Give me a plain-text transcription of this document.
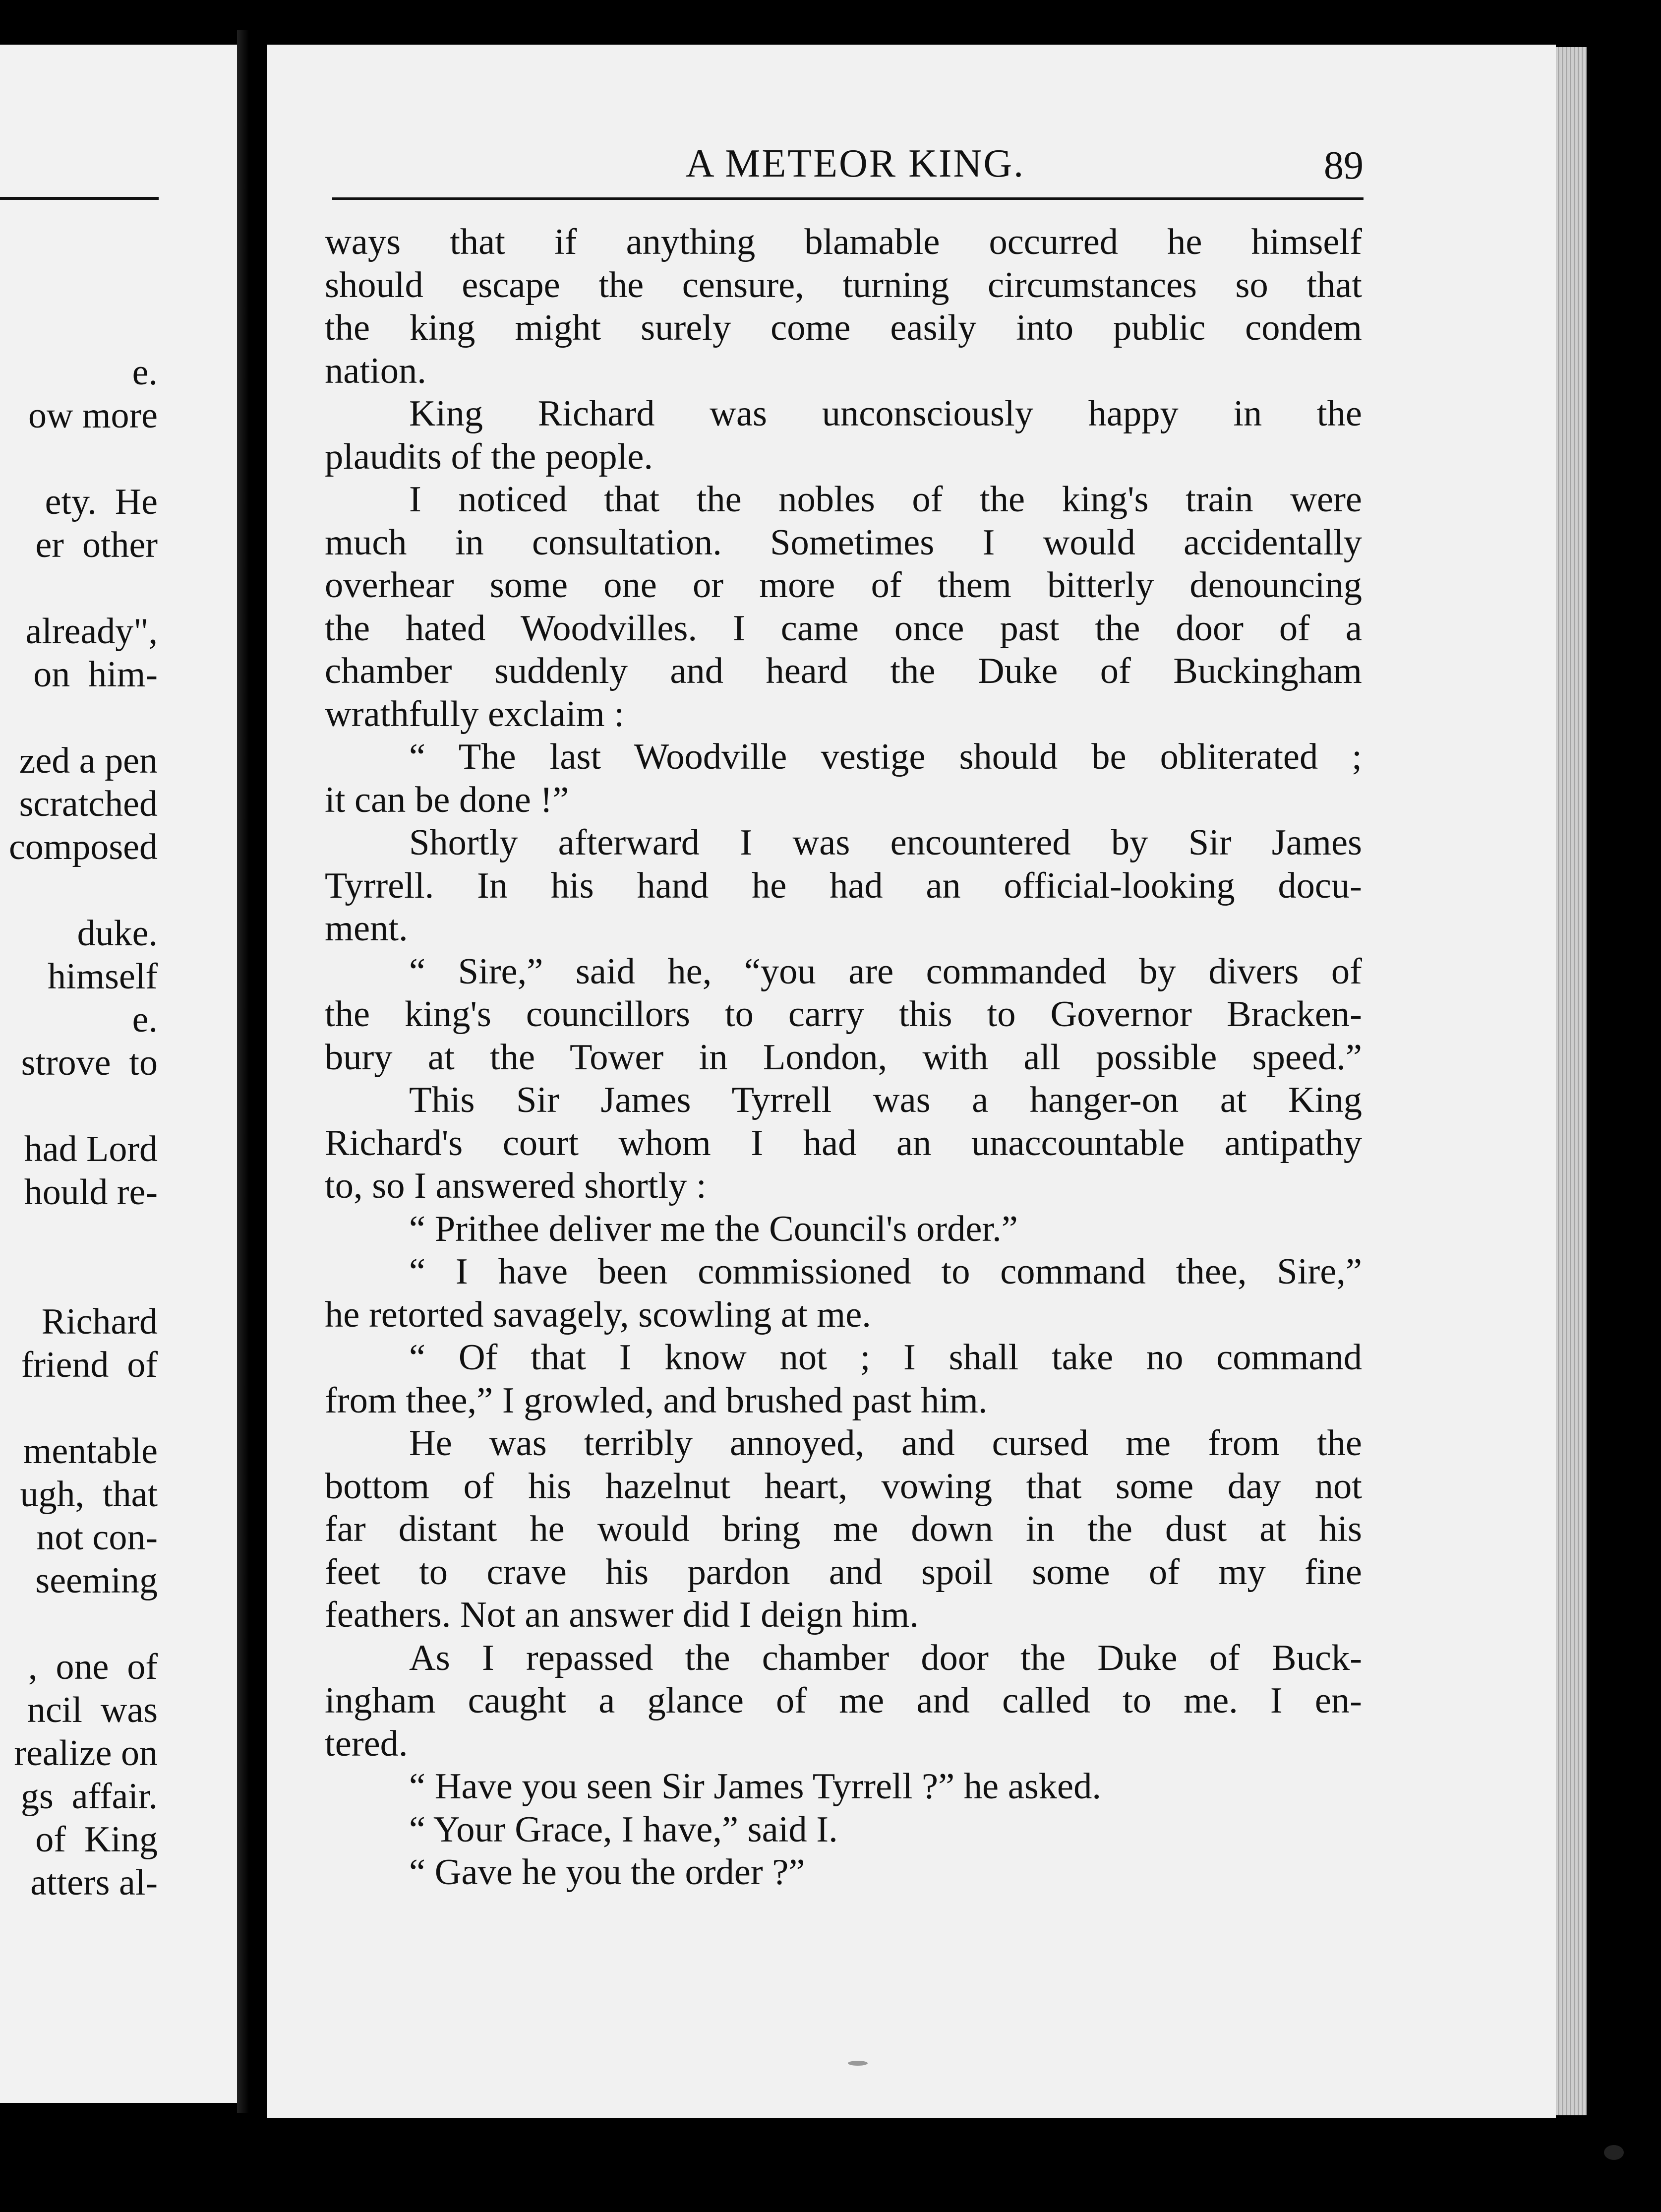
e.
ow more
ety.  He
er  other
already",
on  him-
zed a pen
scratched
composed
duke.
himself
e.
strove  to
had Lord
hould re-
Richard
friend  of
mentable
ugh,  that
not con-
seeming
,  one  of
ncil  was
realize on
gs  affair.
of  King
atters al-
A METEOR KING.	89
ways that if anything blamable occurred he himself
should escape the censure, turning circumstances so that
the king might surely come easily into public condem
nation.
King Richard was unconsciously happy in the
plaudits of the people.
I noticed that the nobles of the king's train were
much in consultation. Sometimes I would accidentally
overhear some one or more of them bitterly denouncing
the hated Woodvilles. I came once past the door of a
chamber suddenly and heard the Duke of Buckingham
wrathfully exclaim :
“ The last Woodville vestige should be obliterated ;
it can be done !”
Shortly afterward I was encountered by Sir James
Tyrrell. In his hand he had an official-looking docu-
ment.
“ Sire,” said he, “you are commanded by divers of
the king's councillors to carry this to Governor Bracken-
bury at the Tower in London, with all possible speed.”
This Sir James Tyrrell was a hanger-on at King
Richard's court whom I had an unaccountable antipathy
to, so I answered shortly :
“ Prithee deliver me the Council's order.”
“ I have been commissioned to command thee, Sire,”
he retorted savagely, scowling at me.
“ Of that I know not ; I shall take no command
from thee,” I growled, and brushed past him.
He was terribly annoyed, and cursed me from the
bottom of his hazelnut heart, vowing that some day not
far distant he would bring me down in the dust at his
feet to crave his pardon and spoil some of my fine
feathers. Not an answer did I deign him.
As I repassed the chamber door the Duke of Buck-
ingham caught a glance of me and called to me. I en-
tered.
“ Have you seen Sir James Tyrrell ?” he asked.
“ Your Grace, I have,” said I.
“ Gave he you the order ?”
